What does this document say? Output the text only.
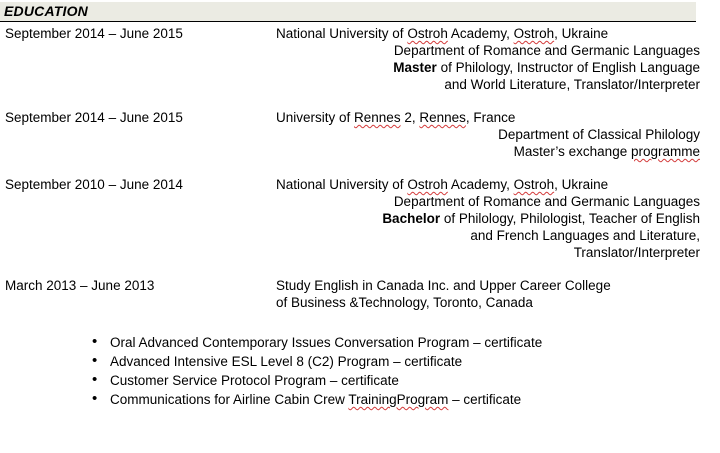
EDUCATION
September 2014 – June 2015	National University of Ostroh Academy, Ostroh, Ukraine
Department of Romance and Germanic Languages
Master of Philology, Instructor of English Language
and World Literature, Translator/Interpreter
September 2014 – June 2015	University of Rennes 2, Rennes, France
Department of Classical Philology
Master’s exchange programme
September 2010 – June 2014	National University of Ostroh Academy, Ostroh, Ukraine
Department of Romance and Germanic Languages
Bachelor of Philology, Philologist, Teacher of English
and French Languages and Literature,
Translator/Interpreter
March 2013 – June 2013	Study English in Canada Inc. and Upper Career College
of Business &Technology, Toronto, Canada
• Oral Advanced Contemporary Issues Conversation Program – certificate
• Advanced Intensive ESL Level 8 (C2) Program – certificate
• Customer Service Protocol Program – certificate
• Communications for Airline Cabin Crew TrainingProgram – certificate
